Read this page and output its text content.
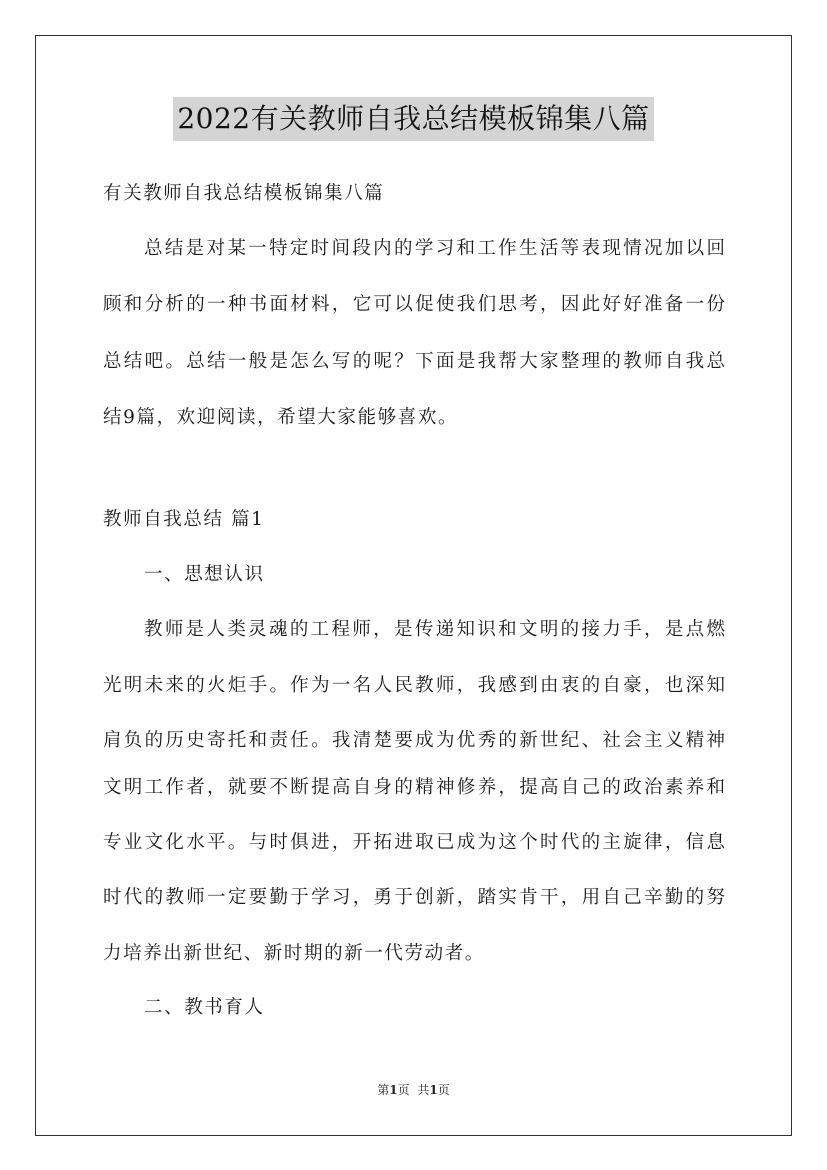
2022有关教师自我总结模板锦集八篇
有关教师自我总结模板锦集八篇
总结是对某一特定时间段内的学习和工作生活等表现情况加以回
顾和分析的一种书面材料，它可以促使我们思考，因此好好准备一份
总结吧。总结一般是怎么写的呢？下面是我帮大家整理的教师自我总
结9篇，欢迎阅读，希望大家能够喜欢。
教师自我总结 篇1
一、思想认识
教师是人类灵魂的工程师，是传递知识和文明的接力手，是点燃
光明未来的火炬手。作为一名人民教师，我感到由衷的自豪，也深知
肩负的历史寄托和责任。我清楚要成为优秀的新世纪、社会主义精神
文明工作者，就要不断提高自身的精神修养，提高自己的政治素养和
专业文化水平。与时俱进，开拓进取已成为这个时代的主旋律，信息
时代的教师一定要勤于学习，勇于创新，踏实肯干，用自己辛勤的努
力培养出新世纪、新时期的新一代劳动者。
二、教书育人
第1页 共1页
